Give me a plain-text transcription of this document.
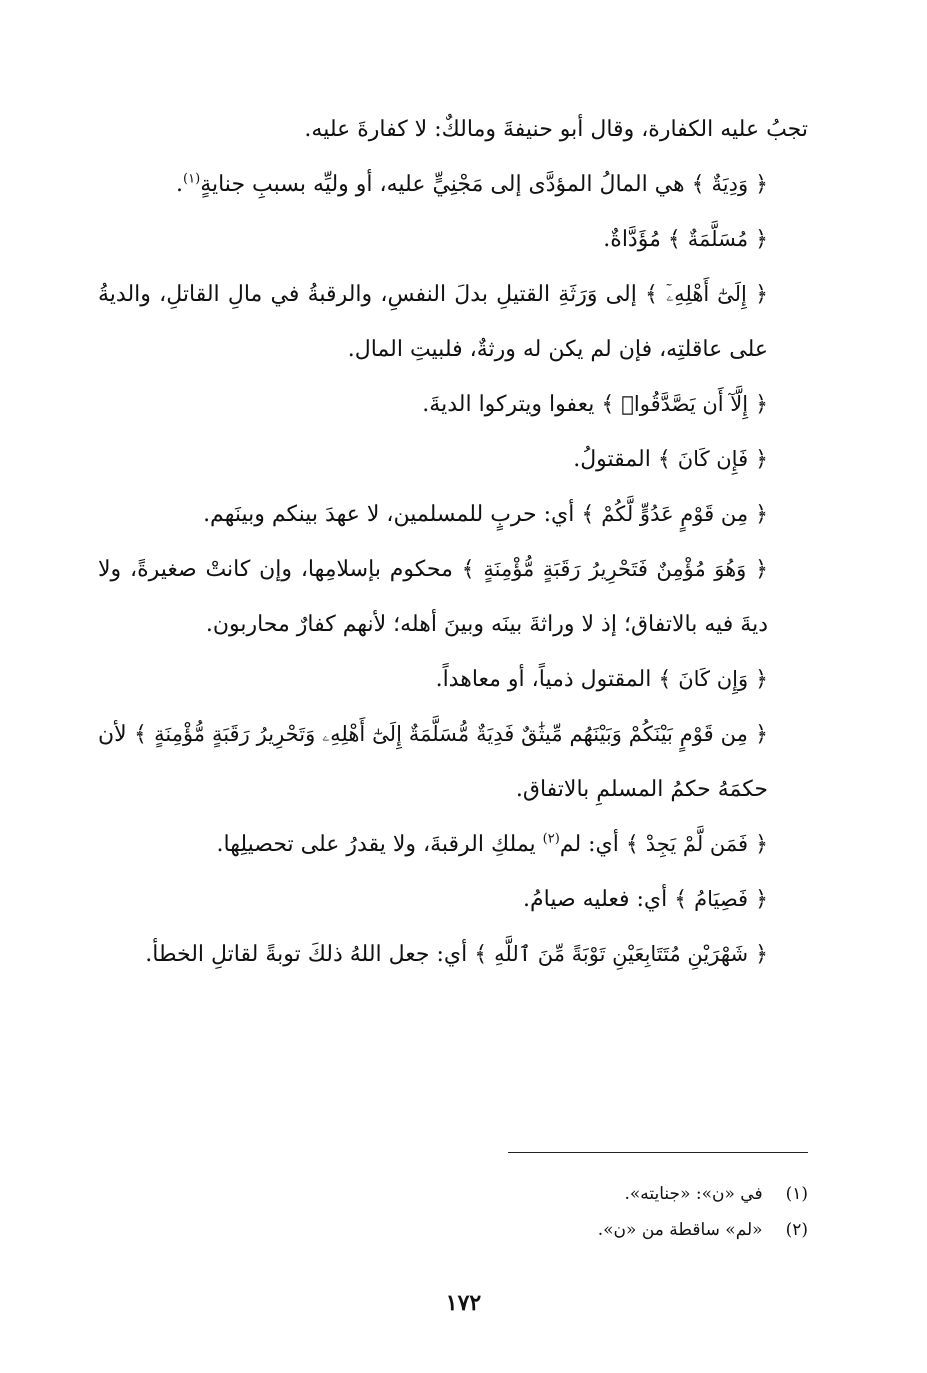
تجبُ عليه الكفارة، وقال أبو حنيفةَ ومالكٌ: لا كفارةَ عليه.

﴿ وَدِيَةٌ ﴾ هي المالُ المؤدَّى إلى مَجْنِيٍّ عليه، أو وليِّه بسببِ جنايةٍ$^{(١)}$.

﴿ مُسَلَّمَةٌ ﴾ مُؤَدَّاةٌ.

﴿ إِلَىٰٓ أَهْلِهِۦٓ ﴾ إلى وَرَثَةِ القتيلِ بدلَ النفسِ، والرقبةُ في مالِ القاتلِ، والديةُ على عاقلتِه، فإن لم يكن له ورثةٌ، فلبيتِ المال.

﴿ إِلَّآ أَن يَصَّدَّقُوا۟ ﴾ يعفوا ويتركوا الديةَ.

﴿ فَإِن كَانَ ﴾ المقتولُ.

﴿ مِن قَوْمٍ عَدُوٍّ لَّكُمْ ﴾ أي: حربٍ للمسلمين، لا عهدَ بينكم وبينَهم.

﴿ وَهُوَ مُؤْمِنٌ فَتَحْرِيرُ رَقَبَةٍ مُّؤْمِنَةٍ ﴾ محكوم بإسلامِها، وإن كانتْ صغيرةً، ولا ديةَ فيه بالاتفاق؛ إذ لا وراثةَ بينَه وبينَ أهله؛ لأنهم كفارٌ محاربون.

﴿ وَإِن كَانَ ﴾ المقتول ذمياً، أو معاهداً.

﴿ مِن قَوْمٍ بَيْنَكُمْ وَبَيْنَهُم مِّيثَٰقٌ فَدِيَةٌ مُّسَلَّمَةٌ إِلَىٰٓ أَهْلِهِۦ وَتَحْرِيرُ رَقَبَةٍ مُّؤْمِنَةٍ ﴾ لأن حكمَهُ حكمُ المسلمِ بالاتفاق.

﴿ فَمَن لَّمْ يَجِدْ ﴾ أي: لم$^{(٢)}$ يملكِ الرقبةَ، ولا يقدرُ على تحصيلِها.

﴿ فَصِيَامُ ﴾ أي: فعليه صيامُ.

﴿ شَهْرَيْنِ مُتَتَابِعَيْنِ تَوْبَةً مِّنَ ٱللَّهِ ﴾ أي: جعل اللهُ ذلكَ توبةً لقاتلِ الخطأ.

(١) في «ن»: «جنايته».
(٢) «لم» ساقطة من «ن».
١٧٢
